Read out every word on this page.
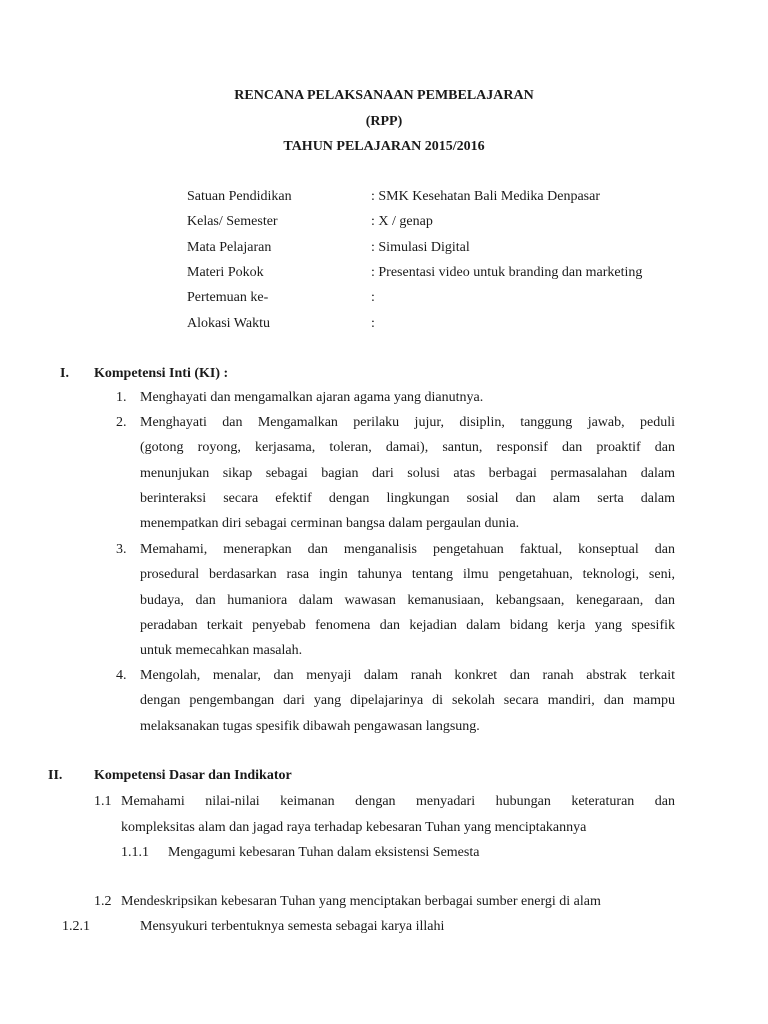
RENCANA PELAKSANAAN PEMBELAJARAN
(RPP)
TAHUN PELAJARAN 2015/2016
Satuan Pendidikan	: SMK Kesehatan Bali Medika Denpasar
Kelas/ Semester	: X / genap
Mata Pelajaran	: Simulasi Digital
Materi Pokok	: Presentasi video untuk branding dan marketing
Pertemuan ke-	:
Alokasi Waktu	:
I. Kompetensi Inti (KI) :
1. Menghayati dan mengamalkan ajaran agama yang dianutnya.
2. Menghayati dan Mengamalkan perilaku jujur, disiplin, tanggung jawab, peduli
(gotong royong, kerjasama, toleran, damai), santun, responsif dan proaktif dan
menunjukan sikap sebagai bagian dari solusi atas berbagai permasalahan dalam
berinteraksi secara efektif dengan lingkungan sosial dan alam serta dalam
menempatkan diri sebagai cerminan bangsa dalam pergaulan dunia.
3. Memahami, menerapkan dan menganalisis pengetahuan faktual, konseptual dan
prosedural berdasarkan rasa ingin tahunya tentang ilmu pengetahuan, teknologi, seni,
budaya, dan humaniora dalam wawasan kemanusiaan, kebangsaan, kenegaraan, dan
peradaban terkait penyebab fenomena dan kejadian dalam bidang kerja yang spesifik
untuk memecahkan masalah.
4. Mengolah, menalar, dan menyaji dalam ranah konkret dan ranah abstrak terkait
dengan pengembangan dari yang dipelajarinya di sekolah secara mandiri, dan mampu
melaksanakan tugas spesifik dibawah pengawasan langsung.
II. Kompetensi Dasar dan Indikator
1.1 Memahami nilai-nilai keimanan dengan menyadari hubungan keteraturan dan
kompleksitas alam dan jagad raya terhadap kebesaran Tuhan yang menciptakannya
1.1.1 Mengagumi kebesaran Tuhan dalam eksistensi Semesta
1.2 Mendeskripsikan kebesaran Tuhan yang menciptakan berbagai sumber energi di alam
1.2.1	Mensyukuri terbentuknya semesta sebagai karya illahi
